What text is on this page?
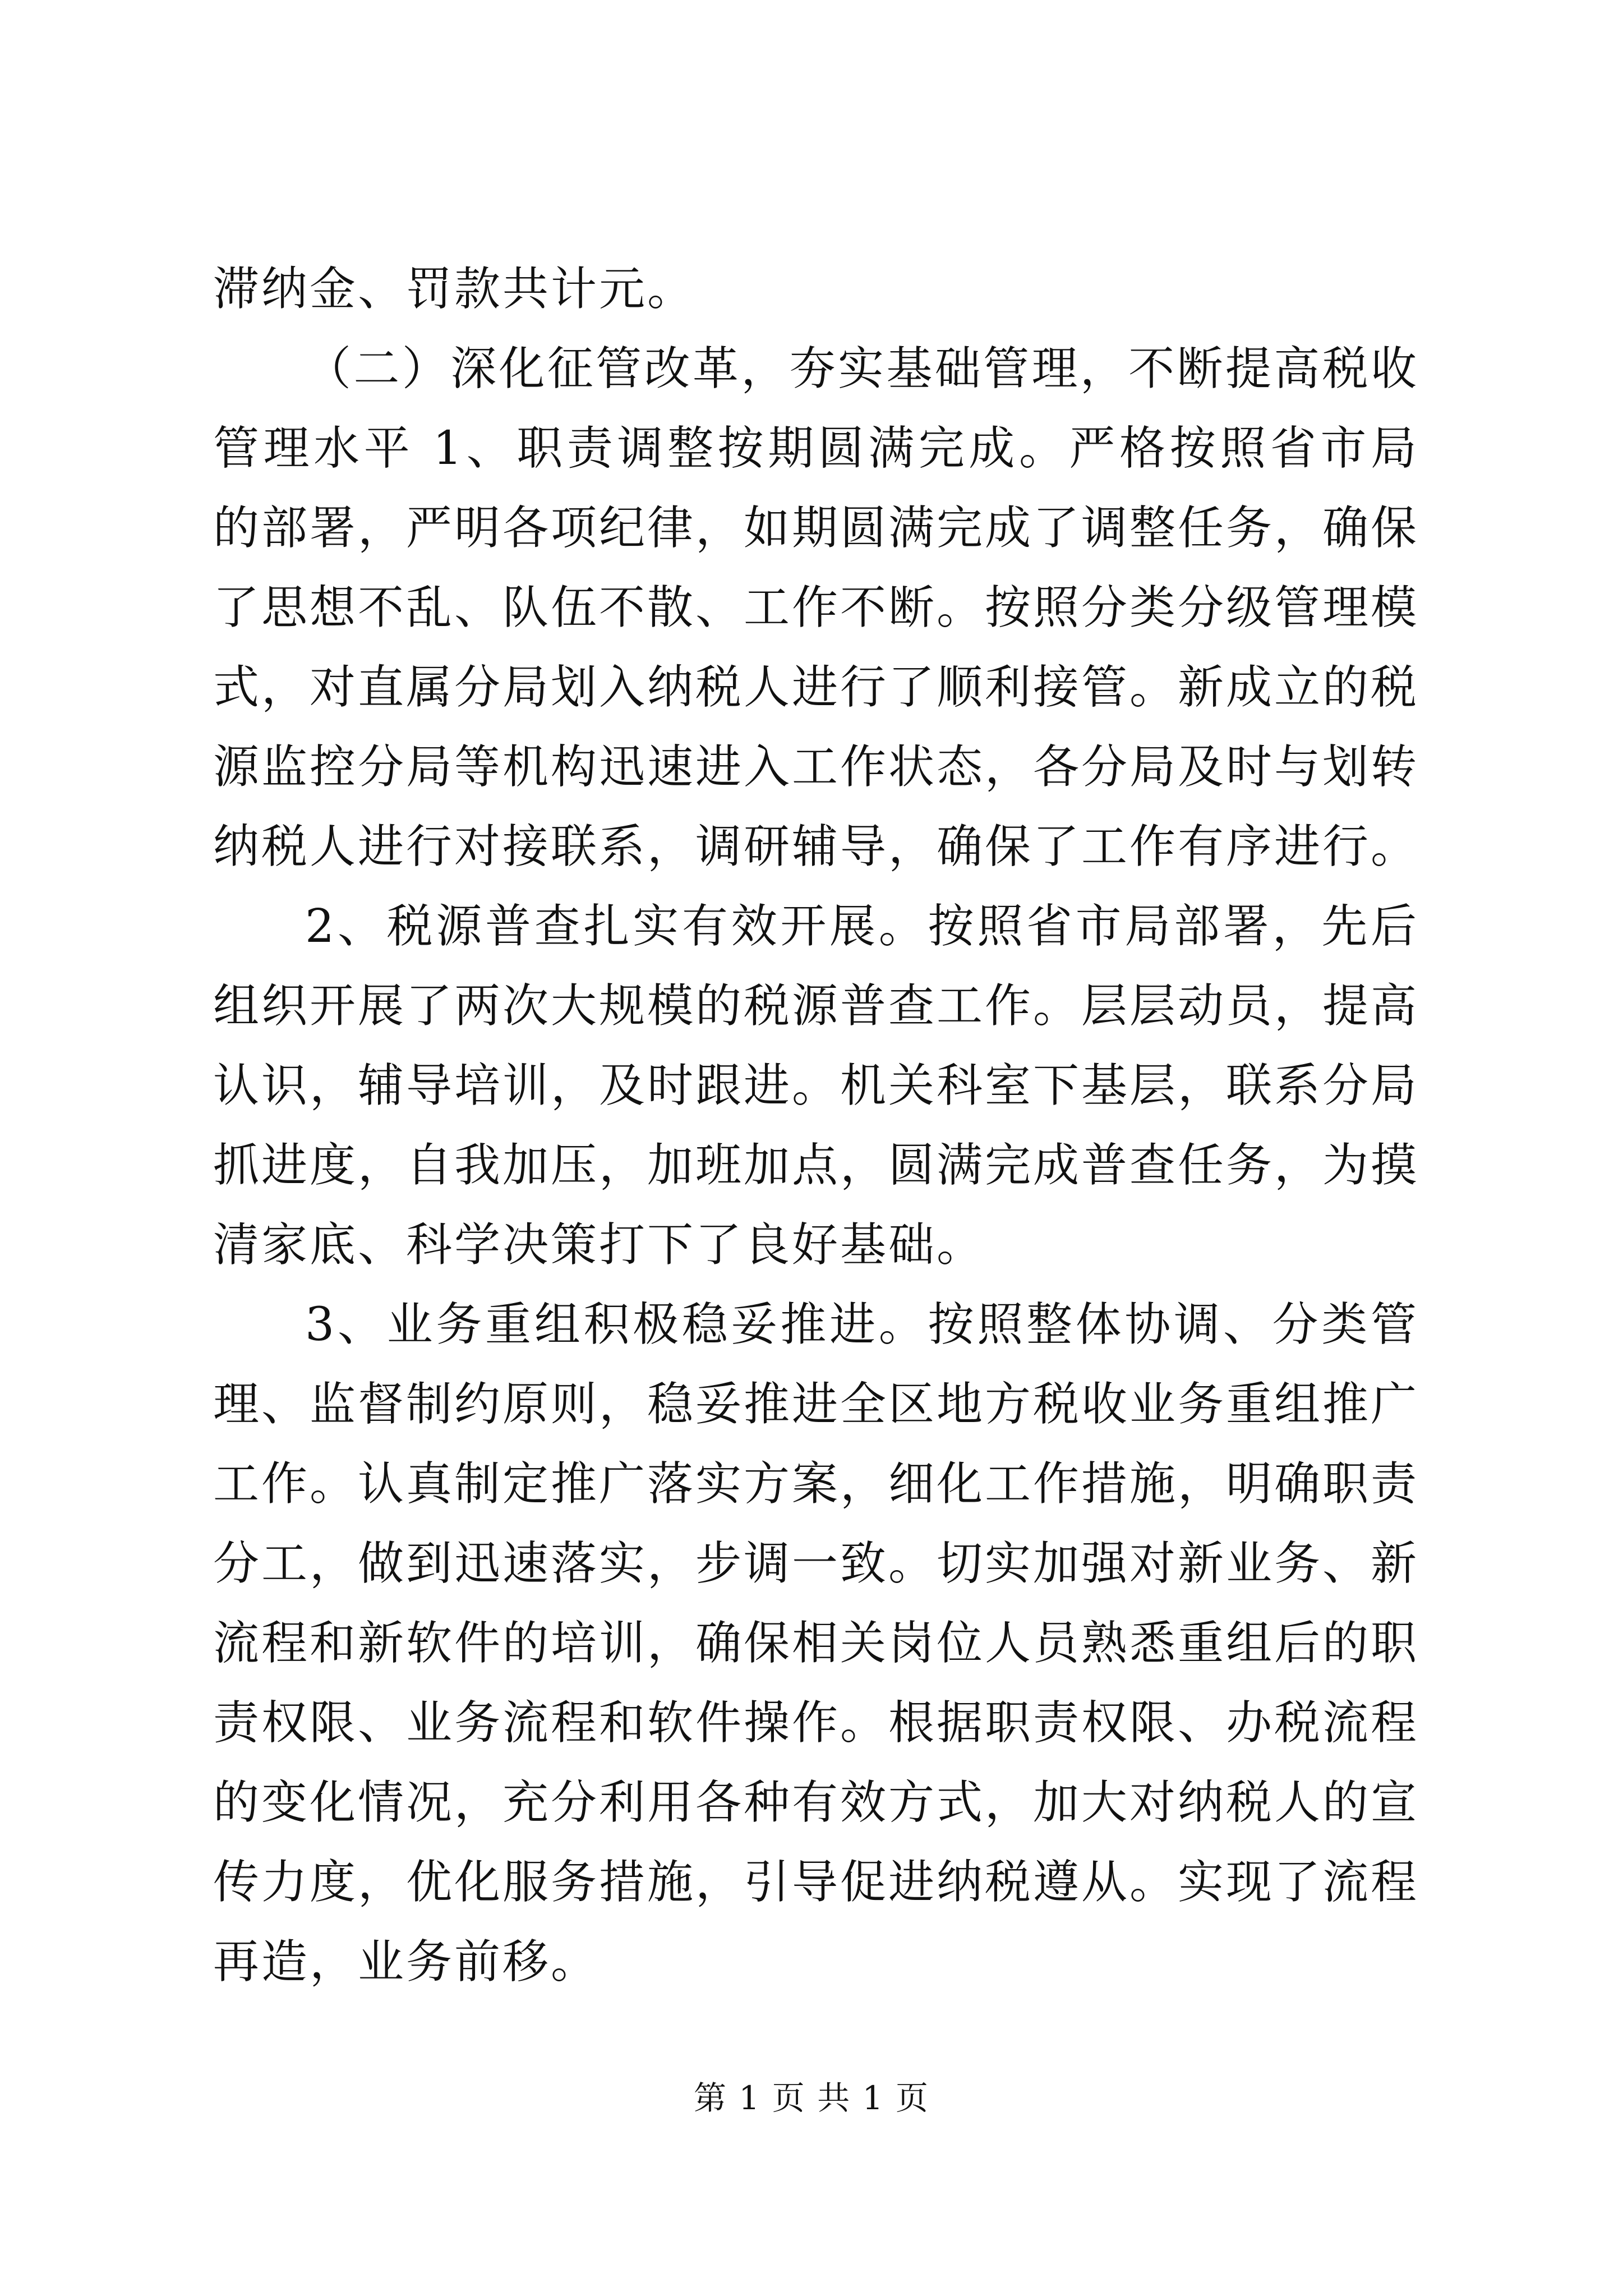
滞纳金、罚款共计元。

（二）深化征管改革，夯实基础管理，不断提高税收管理水平 1、职责调整按期圆满完成。严格按照省市局的部署，严明各项纪律，如期圆满完成了调整任务，确保了思想不乱、队伍不散、工作不断。按照分类分级管理模式，对直属分局划入纳税人进行了顺利接管。新成立的税源监控分局等机构迅速进入工作状态，各分局及时与划转纳税人进行对接联系，调研辅导，确保了工作有序进行。

2、税源普查扎实有效开展。按照省市局部署，先后组织开展了两次大规模的税源普查工作。层层动员，提高认识，辅导培训，及时跟进。机关科室下基层，联系分局抓进度，自我加压，加班加点，圆满完成普查任务，为摸清家底、科学决策打下了良好基础。

3、业务重组积极稳妥推进。按照整体协调、分类管理、监督制约原则，稳妥推进全区地方税收业务重组推广工作。认真制定推广落实方案，细化工作措施，明确职责分工，做到迅速落实，步调一致。切实加强对新业务、新流程和新软件的培训，确保相关岗位人员熟悉重组后的职责权限、业务流程和软件操作。根据职责权限、办税流程的变化情况，充分利用各种有效方式，加大对纳税人的宣传力度，优化服务措施，引导促进纳税遵从。实现了流程再造，业务前移。

第 1 页 共 1 页
